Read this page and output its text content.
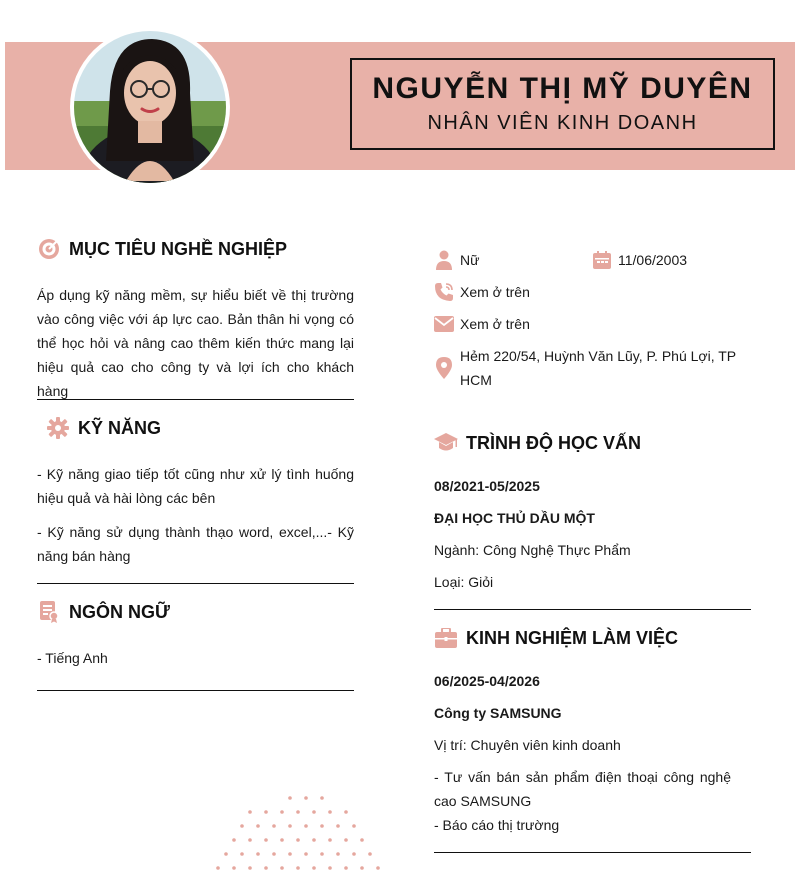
NGUYỄN THỊ MỸ DUYÊN
NHÂN VIÊN KINH DOANH
MỤC TIÊU NGHỀ NGHIỆP
Áp dụng kỹ năng mềm, sự hiểu biết về thị trường vào công việc với áp lực cao. Bản thân hi vọng có thể học hỏi và nâng cao thêm kiến thức mang lại hiệu quả cao cho công ty và lợi ích cho khách hàng
KỸ NĂNG
- Kỹ năng giao tiếp tốt cũng như xử lý tình huống hiệu quả và hài lòng các bên
- Kỹ năng sử dụng thành thạo word, excel,...- Kỹ năng bán hàng
NGÔN NGỮ
- Tiếng Anh
Nữ	11/06/2003
Xem ở trên
Xem ở trên
Hẻm 220/54, Huỳnh Văn Lũy, P. Phú Lợi, TP HCM
TRÌNH ĐỘ HỌC VẤN
08/2021-05/2025
ĐẠI HỌC THỦ DẦU MỘT
Ngành: Công Nghệ Thực Phẩm
Loại: Giỏi
KINH NGHIỆM LÀM VIỆC
06/2025-04/2026
Công ty SAMSUNG
Vị trí: Chuyên viên kinh doanh
- Tư vấn bán sản phẩm điện thoại công nghệ cao SAMSUNG
- Báo cáo thị trường
